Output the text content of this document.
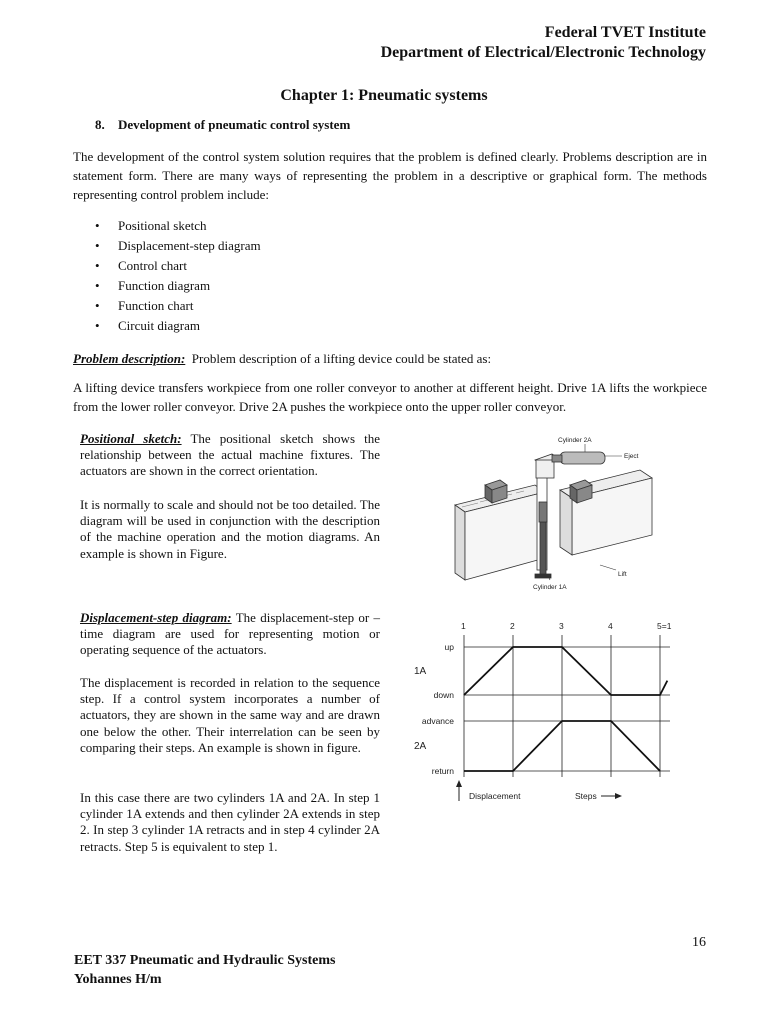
Federal TVET Institute
Department of Electrical/Electronic Technology
Chapter 1: Pneumatic systems
8. Development of pneumatic control system
The development of the control system solution requires that the problem is defined clearly. Problems description are in statement form. There are many ways of representing the problem in a descriptive or graphical form. The methods representing control problem include:
• Positional sketch
• Displacement-step diagram
• Control chart
• Function diagram
• Function chart
• Circuit diagram
Problem description: Problem description of a lifting device could be stated as:
A lifting device transfers workpiece from one roller conveyor to another at different height. Drive 1A lifts the workpiece from the lower roller conveyor. Drive 2A pushes the workpiece onto the upper roller conveyor.
Positional sketch: The positional sketch shows the relationship between the actual machine fixtures. The actuators are shown in the correct orientation.
It is normally to scale and should not be too detailed. The diagram will be used in conjunction with the description of the machine operation and the motion diagrams. An example is shown in Figure.
Displacement-step diagram: The displacement-step or – time diagram are used for representing motion or operating sequence of the actuators.
The displacement is recorded in relation to the sequence step. If a control system incorporates a number of actuators, they are shown in the same way and are drawn one below the other. Their interrelation can be seen by comparing their steps. An example is shown in figure.
In this case there are two cylinders 1A and 2A. In step 1 cylinder 1A extends and then cylinder 2A extends in step 2. In step 3 cylinder 1A retracts and in step 4 cylinder 2A retracts. Step 5 is equivalent to step 1.
Cylinder 2A
Eject
Lift
Cylinder 1A
1	2	3	4	5=1
up
down
1A
advance
return
2A
Displacement	Steps
16
EET 337 Pneumatic and Hydraulic Systems
Yohannes H/m
